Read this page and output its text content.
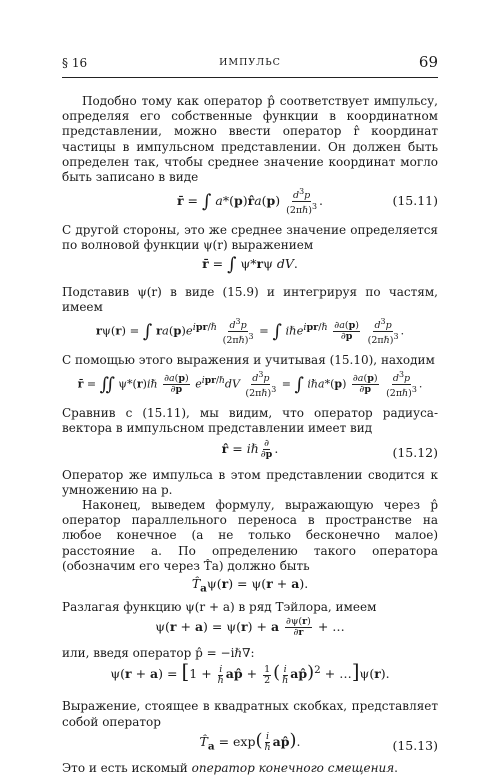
§ 16	ИМПУЛЬС	69

Подобно тому как оператор p̂ соответствует импульсу, определяя его собственные функции в координатном представлении, можно ввести оператор r̂ координат частицы в импульсном представлении. Он должен быть определен так, чтобы среднее значение координат могло быть записано в виде

r̄ = ∫ a*(p)r̂a(p) $\frac{d^3p}{(2\pi\hbar)^3}$ .	(15.11)

С другой стороны, это же среднее значение определяется по волновой функции ψ(r) выражением

r̄ = ∫ ψ*rψ dV.

Подставив ψ(r) в виде (15.9) и интегрируя по частям, имеем

rψ(r) = ∫ $ra(p)e^{ipr/\hbar} \frac{d^3p}{(2\pi\hbar)^3}$ = ∫ iℏe$^{ipr/\hbar}$ $\frac{\partial a(p)}{\partial p}$
$\frac{d^3p}{(2\pi\hbar)^3}$ .

С помощью этого выражения и учитывая (15.10), находим

r̄ = ∬ ψ*(r)iℏ $\frac{\partial a(p)}{\partial p} e^{ipr/\hbar}dV \frac{d^3p}{(2\pi\hbar)^3}$ = ∫ iℏa*(p) $\frac{\partial a(p)}{\partial p}$
$\frac{d^3p}{(2\pi\hbar)^3}$ .

Сравнив с (15.11), мы видим, что оператор радиуса-вектора в импульсном представлении имеет вид

r̂ = iℏ $\frac{\partial}{\partial p}$ .	(15.12)

Оператор же импульса в этом представлении сводится к умножению на p.

Наконец, выведем формулу, выражающую через p̂ оператор параллельного переноса в пространстве на любое конечное (а не только бесконечно малое) расстояние a. По определению такого оператора (обозначим его через T̂a) должно быть

$T̂_a\psi(r) = \psi(r + a)$.

Разлагая функцию ψ(r + a) в ряд Тэйлора, имеем

ψ(r + a) = ψ(r) + a $\frac{\partial\psi(r)}{\partial r}$ + …

или, введя оператор p̂ = −iℏ∇:

$\psi(r + a) = [1 + \frac{i}{\text{ℏ}}$ ap̂ + $\frac{1}{2}$ ( $\frac{i}{\text{ℏ}}$ ap̂)$^2$ + …]ψ(r).

Выражение, стоящее в квадратных скобках, представляет собой оператор

$T̂_a = \exp( \frac{i}{\text{ℏ}}$ ap̂).	(15.13)

Это и есть искомый оператор конечного смещения.
